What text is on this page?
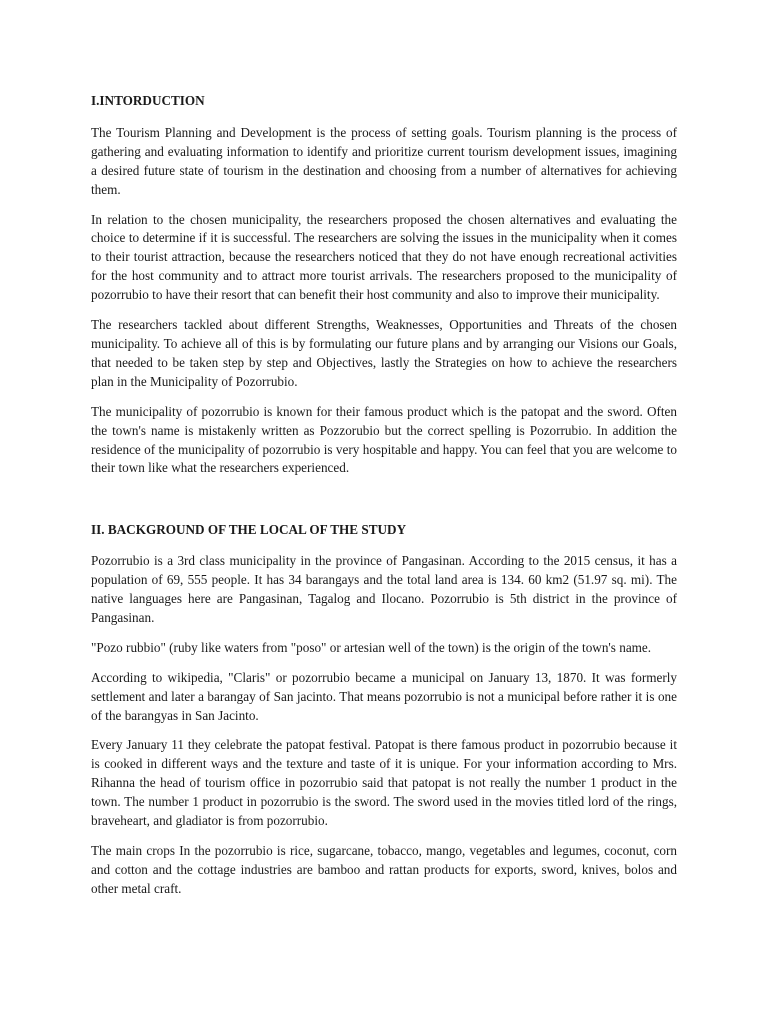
I.INTORDUCTION

The Tourism Planning and Development is the process of setting goals. Tourism planning is the process of gathering and evaluating information to identify and prioritize current tourism development issues, imagining a desired future state of tourism in the destination and choosing from a number of alternatives for achieving them.

In relation to the chosen municipality, the researchers proposed the chosen alternatives and evaluating the choice to determine if it is successful. The researchers are solving the issues in the municipality when it comes to their tourist attraction, because the researchers noticed that they do not have enough recreational activities for the host community and to attract more tourist arrivals. The researchers proposed to the municipality of pozorrubio to have their resort that can benefit their host community and also to improve their municipality.

The researchers tackled about different Strengths, Weaknesses, Opportunities and Threats of the chosen municipality. To achieve all of this is by formulating our future plans and by arranging our Visions our Goals, that needed to be taken step by step and Objectives, lastly the Strategies on how to achieve the researchers plan in the Municipality of Pozorrubio.

The municipality of pozorrubio is known for their famous product which is the patopat and the sword. Often the town's name is mistakenly written as Pozzorubio but the correct spelling is Pozorrubio. In addition the residence of the municipality of pozorrubio is very hospitable and happy. You can feel that you are welcome to their town like what the researchers experienced.

II. BACKGROUND OF THE LOCAL OF THE STUDY

Pozorrubio is a 3rd class municipality in the province of Pangasinan. According to the 2015 census, it has a population of 69, 555 people. It has 34 barangays and the total land area is 134. 60 km2 (51.97 sq. mi). The native languages here are Pangasinan, Tagalog and Ilocano. Pozorrubio is 5th district in the province of Pangasinan.

"Pozo rubbio" (ruby like waters from "poso" or artesian well of the town) is the origin of the town's name.

According to wikipedia, "Claris" or pozorrubio became a municipal on January 13, 1870. It was formerly settlement and later a barangay of San jacinto. That means pozorrubio is not a municipal before rather it is one of the barangyas in San Jacinto.

Every January 11 they celebrate the patopat festival. Patopat is there famous product in pozorrubio because it is cooked in different ways and the texture and taste of it is unique. For your information according to Mrs. Rihanna the head of tourism office in pozorrubio said that patopat is not really the number 1 product in the town. The number 1 product in pozorrubio is the sword. The sword used in the movies titled lord of the rings, braveheart, and gladiator is from pozorrubio.

The main crops In the pozorrubio is rice, sugarcane, tobacco, mango, vegetables and legumes, coconut, corn and cotton and the cottage industries are bamboo and rattan products for exports, sword, knives, bolos and other metal craft.
